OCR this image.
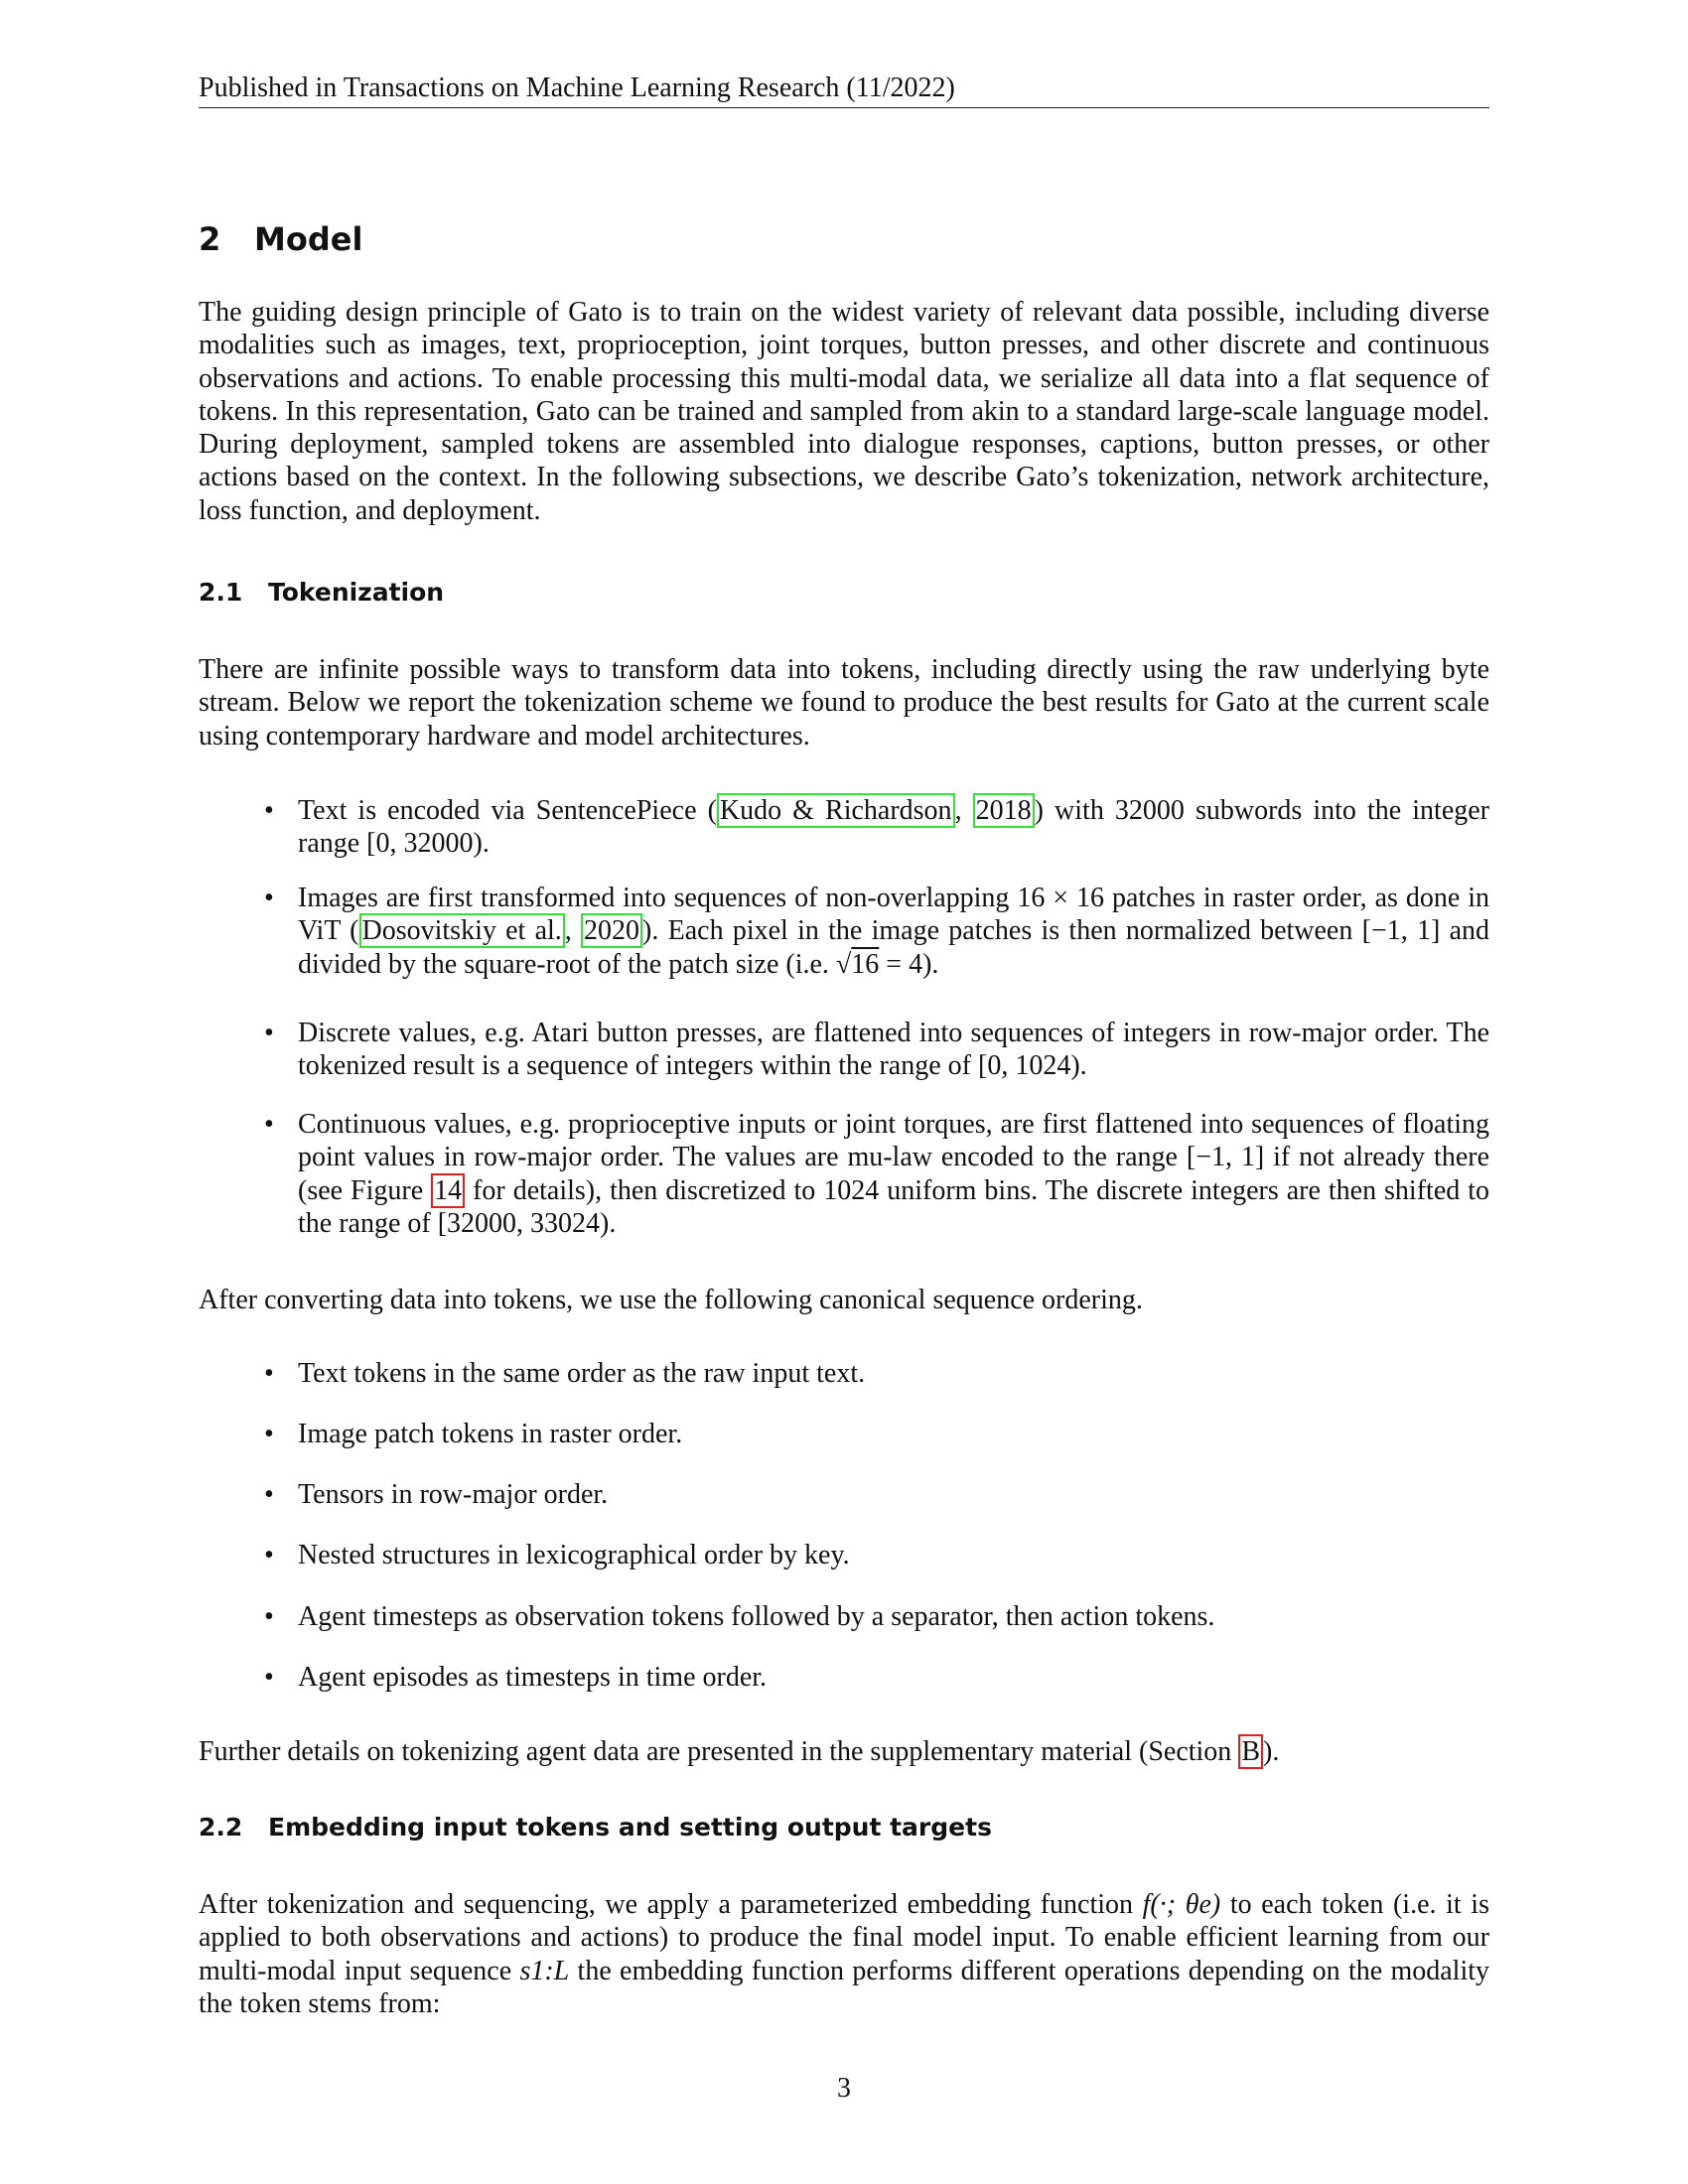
Published in Transactions on Machine Learning Research (11/2022)
2 Model
The guiding design principle of Gato is to train on the widest variety of relevant data possible, including diverse modalities such as images, text, proprioception, joint torques, button presses, and other discrete and continuous observations and actions. To enable processing this multi-modal data, we serialize all data into a flat sequence of tokens. In this representation, Gato can be trained and sampled from akin to a standard large-scale language model. During deployment, sampled tokens are assembled into dialogue responses, captions, button presses, or other actions based on the context. In the following subsections, we describe Gato’s tokenization, network architecture, loss function, and deployment.
2.1 Tokenization
There are infinite possible ways to transform data into tokens, including directly using the raw underlying byte stream. Below we report the tokenization scheme we found to produce the best results for Gato at the current scale using contemporary hardware and model architectures.
• Text is encoded via SentencePiece ( Kudo & Richardson , 2018 ) with 32000 subwords into the integer range [0, 32000).
• Images are first transformed into sequences of non-overlapping 16 × 16 patches in raster order, as done in ViT ( Dosovitskiy et al. , 2020 ). Each pixel in the image patches is then normalized between [−1, 1] and divided by the square-root of the patch size (i.e. √16 = 4).
• Discrete values, e.g. Atari button presses, are flattened into sequences of integers in row-major order. The tokenized result is a sequence of integers within the range of [0, 1024).
• Continuous values, e.g. proprioceptive inputs or joint torques, are first flattened into sequences of floating point values in row-major order. The values are mu-law encoded to the range [−1, 1] if not already there (see Figure 14 for details), then discretized to 1024 uniform bins. The discrete integers are then shifted to the range of [32000, 33024).
After converting data into tokens, we use the following canonical sequence ordering.
• Text tokens in the same order as the raw input text.
• Image patch tokens in raster order.
• Tensors in row-major order.
• Nested structures in lexicographical order by key.
• Agent timesteps as observation tokens followed by a separator, then action tokens.
• Agent episodes as timesteps in time order.
Further details on tokenizing agent data are presented in the supplementary material (Section B ).
2.2 Embedding input tokens and setting output targets
After tokenization and sequencing, we apply a parameterized embedding function f(·; θe) to each token (i.e. it is applied to both observations and actions) to produce the final model input. To enable efficient learning from our multi-modal input sequence s1:L the embedding function performs different operations depending on the modality the token stems from:
3
